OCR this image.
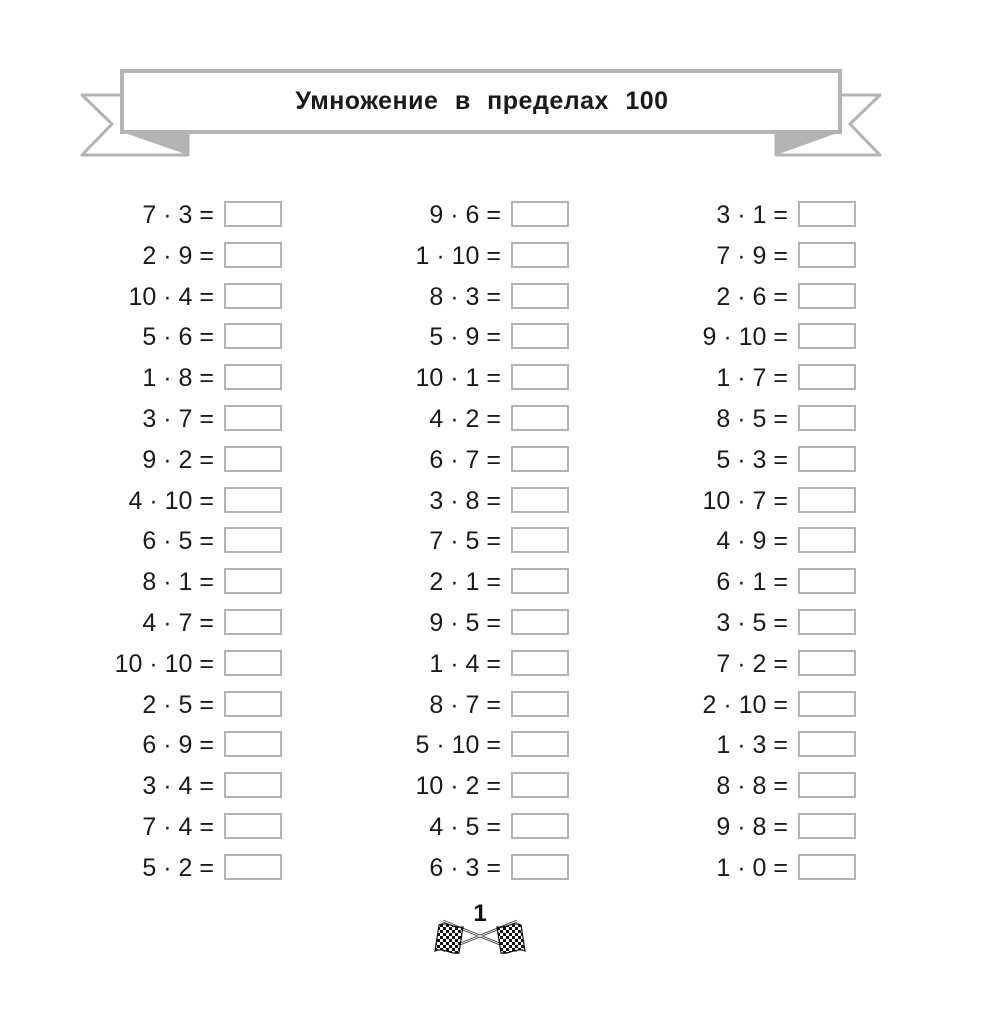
Умножение в пределах 100
7 · 3 =
2 · 9 =
10 · 4 =
5 · 6 =
1 · 8 =
3 · 7 =
9 · 2 =
4 · 10 =
6 · 5 =
8 · 1 =
4 · 7 =
10 · 10 =
2 · 5 =
6 · 9 =
3 · 4 =
7 · 4 =
5 · 2 =
9 · 6 =
1 · 10 =
8 · 3 =
5 · 9 =
10 · 1 =
4 · 2 =
6 · 7 =
3 · 8 =
7 · 5 =
2 · 1 =
9 · 5 =
1 · 4 =
8 · 7 =
5 · 10 =
10 · 2 =
4 · 5 =
6 · 3 =
3 · 1 =
7 · 9 =
2 · 6 =
9 · 10 =
1 · 7 =
8 · 5 =
5 · 3 =
10 · 7 =
4 · 9 =
6 · 1 =
3 · 5 =
7 · 2 =
2 · 10 =
1 · 3 =
8 · 8 =
9 · 8 =
1 · 0 =
1
